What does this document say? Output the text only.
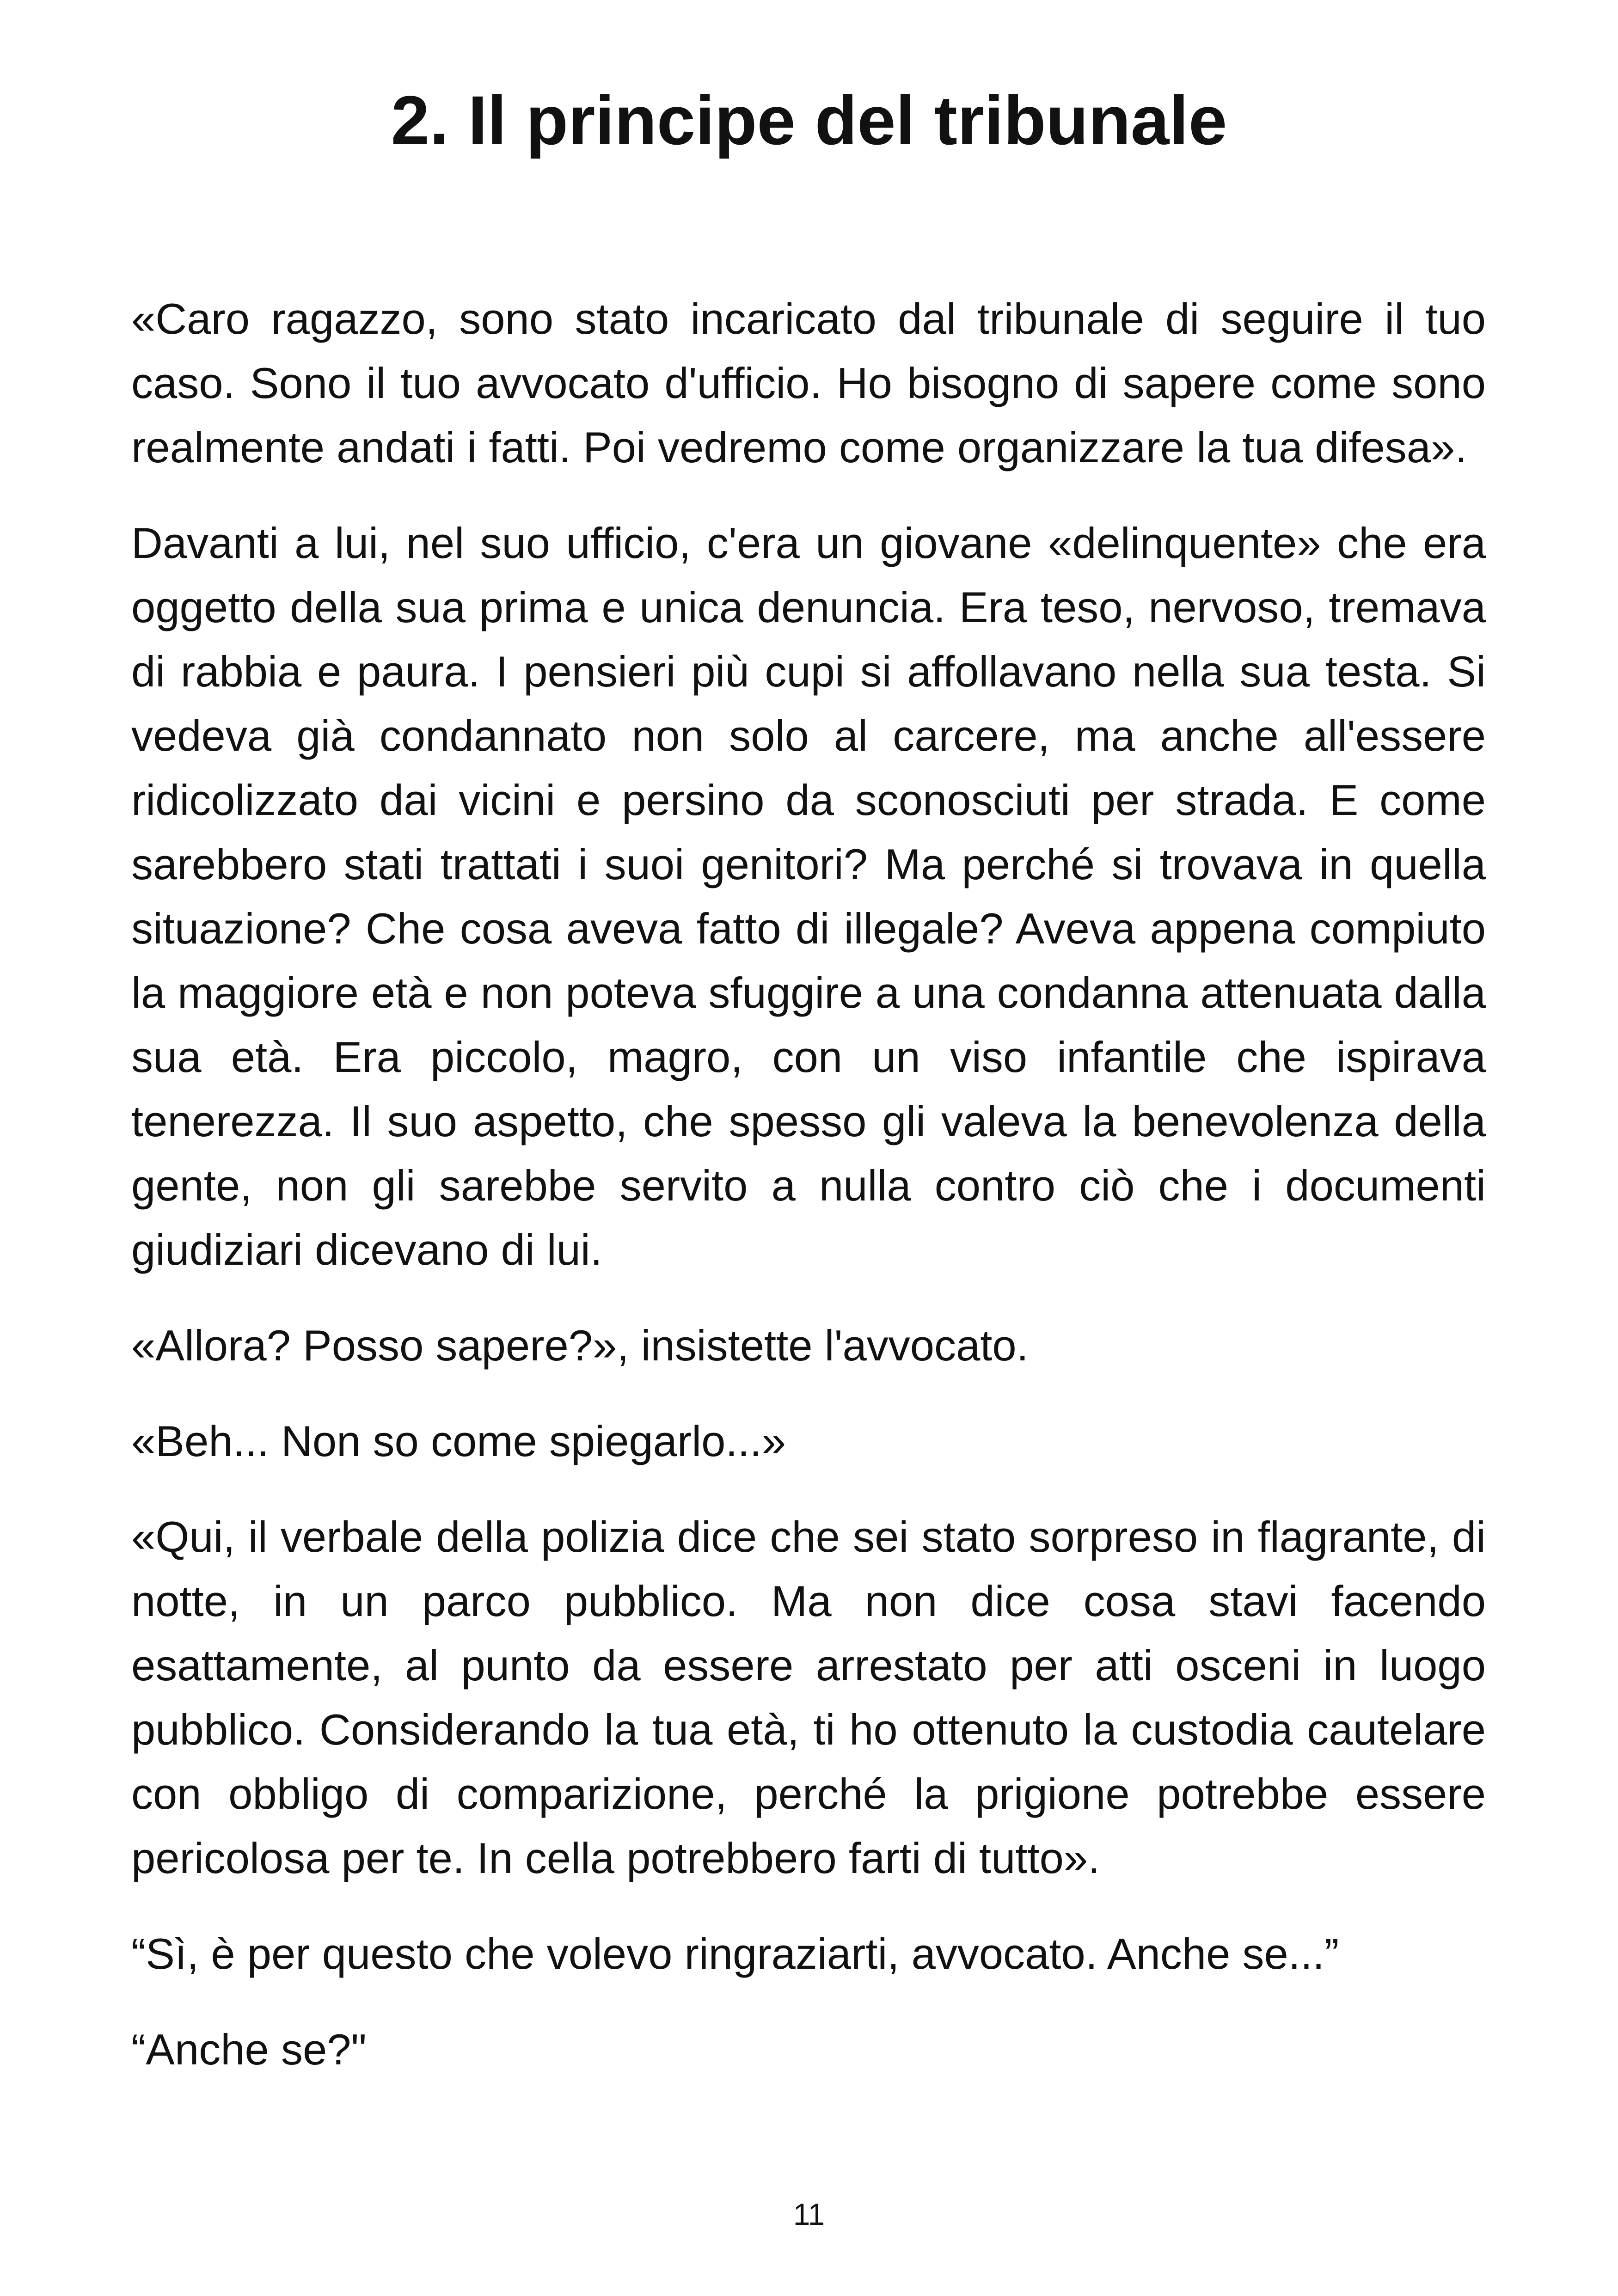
2. Il principe del tribunale

«Caro ragazzo, sono stato incaricato dal tribunale di seguire il tuo caso. Sono il tuo avvocato d'ufficio. Ho bisogno di sapere come sono realmente andati i fatti. Poi vedremo come organizzare la tua difesa».

Davanti a lui, nel suo ufficio, c'era un giovane «delinquente» che era oggetto della sua prima e unica denuncia. Era teso, nervoso, tremava di rabbia e paura. I pensieri più cupi si affollavano nella sua testa. Si vedeva già condannato non solo al carcere, ma anche all'essere ridicolizzato dai vicini e persino da sconosciuti per strada. E come sarebbero stati trattati i suoi genitori? Ma perché si trovava in quella situazione? Che cosa aveva fatto di illegale? Aveva appena compiuto la maggiore età e non poteva sfuggire a una condanna attenuata dalla sua età. Era piccolo, magro, con un viso infantile che ispirava tenerezza. Il suo aspetto, che spesso gli valeva la benevolenza della gente, non gli sarebbe servito a nulla contro ciò che i documenti giudiziari dicevano di lui.

«Allora? Posso sapere?», insistette l'avvocato.

«Beh... Non so come spiegarlo...»

«Qui, il verbale della polizia dice che sei stato sorpreso in flagrante, di notte, in un parco pubblico. Ma non dice cosa stavi facendo esattamente, al punto da essere arrestato per atti osceni in luogo pubblico. Considerando la tua età, ti ho ottenuto la custodia cautelare con obbligo di comparizione, perché la prigione potrebbe essere pericolosa per te. In cella potrebbero farti di tutto».

“Sì, è per questo che volevo ringraziarti, avvocato. Anche se...”

“Anche se?"

11
